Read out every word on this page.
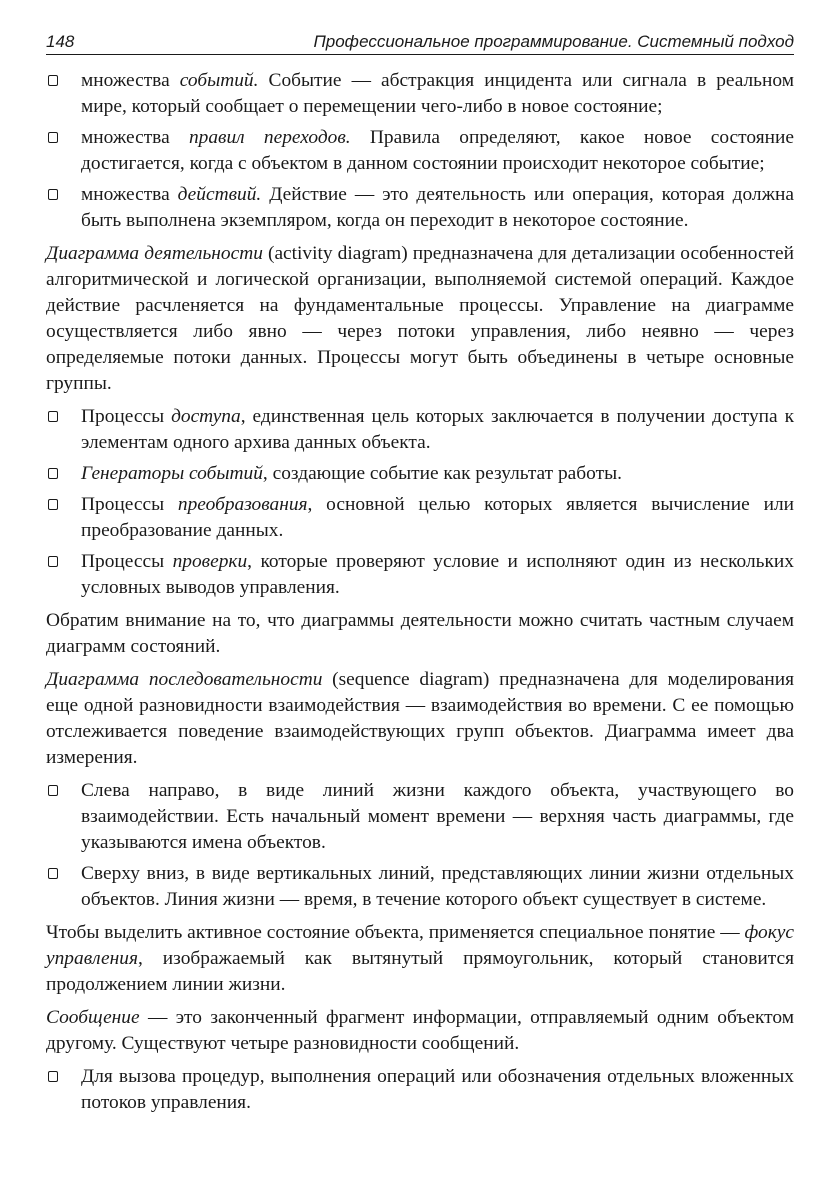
148	Профессиональное программирование. Системный подход
множества событий. Событие — абстракция инцидента или сигнала в реальном мире, который сообщает о перемещении чего-либо в новое состояние;
множества правил переходов. Правила определяют, какое новое состояние достигается, когда с объектом в данном состоянии происходит некоторое событие;
множества действий. Действие — это деятельность или операция, которая должна быть выполнена экземпляром, когда он переходит в некоторое состояние.

Диаграмма деятельности (activity diagram) предназначена для детализации особенностей алгоритмической и логической организации, выполняемой системой операций. Каждое действие расчленяется на фундаментальные процессы. Управление на диаграмме осуществляется либо явно — через потоки управления, либо неявно — через определяемые потоки данных. Процессы могут быть объединены в четыре основные группы.

Процессы доступа, единственная цель которых заключается в получении доступа к элементам одного архива данных объекта.
Генераторы событий, создающие событие как результат работы.
Процессы преобразования, основной целью которых является вычисление или преобразование данных.
Процессы проверки, которые проверяют условие и исполняют один из нескольких условных выводов управления.

Обратим внимание на то, что диаграммы деятельности можно считать частным случаем диаграмм состояний.

Диаграмма последовательности (sequence diagram) предназначена для моделирования еще одной разновидности взаимодействия — взаимодействия во времени. С ее помощью отслеживается поведение взаимодействующих групп объектов. Диаграмма имеет два измерения.

Слева направо, в виде линий жизни каждого объекта, участвующего во взаимодействии. Есть начальный момент времени — верхняя часть диаграммы, где указываются имена объектов.
Сверху вниз, в виде вертикальных линий, представляющих линии жизни отдельных объектов. Линия жизни — время, в течение которого объект существует в системе.

Чтобы выделить активное состояние объекта, применяется специальное понятие — фокус управления, изображаемый как вытянутый прямоугольник, который становится продолжением линии жизни.

Сообщение — это законченный фрагмент информации, отправляемый одним объектом другому. Существуют четыре разновидности сообщений.

Для вызова процедур, выполнения операций или обозначения отдельных вложенных потоков управления.
